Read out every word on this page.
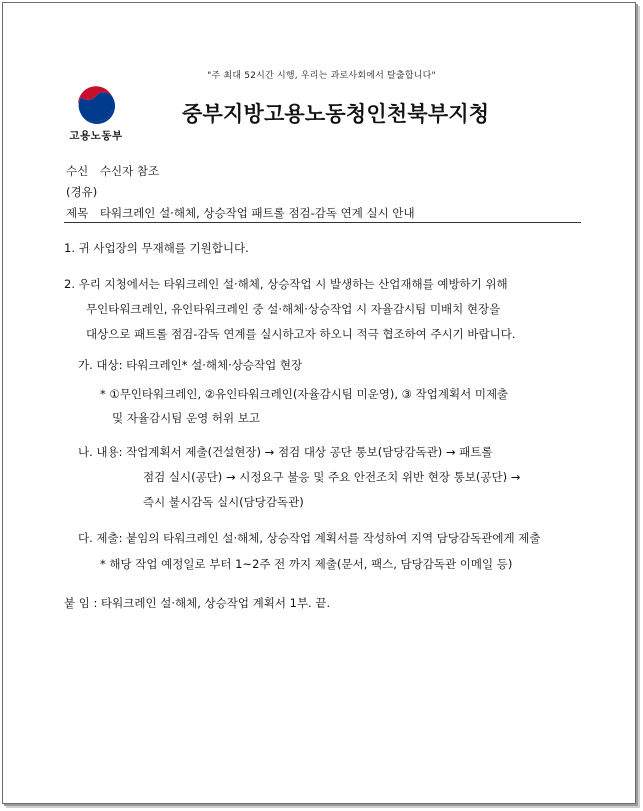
"주 최대 52시간 시행, 우리는 과로사회에서 탈출합니다"
고용노동부
중부지방고용노동청인천북부지청
수신 수신자 참조
(경유)
제목 타워크레인 설·해체, 상승작업 패트롤 점검-감독 연계 실시 안내
1. 귀 사업장의 무재해를 기원합니다.
2. 우리 지청에서는 타워크레인 설·해체, 상승작업 시 발생하는 산업재해를 예방하기 위해
무인타워크레인, 유인타워크레인 중 설·해체·상승작업 시 자율감시팀 미배치 현장을
대상으로 패트롤 점검-감독 연계를 실시하고자 하오니 적극 협조하여 주시기 바랍니다.
가. 대상: 타워크레인* 설·해체·상승작업 현장
* ①무인타워크레인, ②유인타워크레인(자율감시팀 미운영), ③ 작업계획서 미제출
및 자율감시팀 운영 허위 보고
나. 내용: 작업계획서 제출(건설현장) → 점검 대상 공단 통보(담당감독관) → 패트롤
점검 실시(공단) → 시정요구 불응 및 주요 안전조치 위반 현장 통보(공단) →
즉시 불시감독 실시(담당감독관)
다. 제출: 붙임의 타워크레인 설·해체, 상승작업 계획서를 작성하여 지역 담당감독관에게 제출
* 해당 작업 예정일로 부터 1~2주 전 까지 제출(문서, 팩스, 담당감독관 이메일 등)
붙 임 : 타워크레인 설·해체, 상승작업 계획서 1부. 끝.
